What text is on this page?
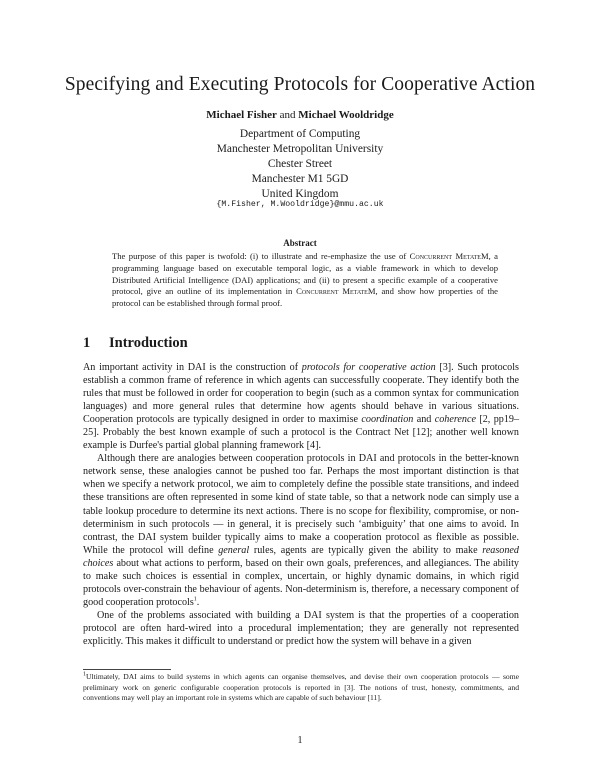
Specifying and Executing Protocols for Cooperative Action
Michael Fisher and Michael Wooldridge
Department of Computing
Manchester Metropolitan University
Chester Street
Manchester M1 5GD
United Kingdom
{M.Fisher, M.Wooldridge}@mmu.ac.uk
Abstract
The purpose of this paper is twofold: (i) to illustrate and re-emphasize the use of Concurrent MetateM, a programming language based on executable temporal logic, as a viable framework in which to develop Distributed Artificial Intelligence (DAI) applications; and (ii) to present a specific example of a cooperative protocol, give an outline of its implementation in Concurrent MetateM, and show how properties of the protocol can be established through formal proof.
1 Introduction

An important activity in DAI is the construction of protocols for cooperative action [3]. Such protocols establish a common frame of reference in which agents can successfully cooperate. They identify both the rules that must be followed in order for cooperation to begin (such as a common syntax for communication languages) and more general rules that determine how agents should behave in various situations. Cooperation protocols are typically designed in order to maximise coordination and coherence [2, pp19–25]. Probably the best known example of such a protocol is the Contract Net [12]; another well known example is Durfee's partial global planning framework [4].

Although there are analogies between cooperation protocols in DAI and protocols in the better-known network sense, these analogies cannot be pushed too far. Perhaps the most important distinction is that when we specify a network protocol, we aim to completely define the possible state transitions, and indeed these transitions are often represented in some kind of state table, so that a network node can simply use a table lookup procedure to determine its next actions. There is no scope for flexibility, compromise, or non-determinism in such protocols — in general, it is precisely such ‘ambiguity’ that one aims to avoid. In contrast, the DAI system builder typically aims to make a cooperation protocol as flexible as possible. While the protocol will define general rules, agents are typically given the ability to make reasoned choices about what actions to perform, based on their own goals, preferences, and allegiances. The ability to make such choices is essential in complex, uncertain, or highly dynamic domains, in which rigid protocols over-constrain the behaviour of agents. Non-determinism is, therefore, a necessary component of good cooperation protocols$^1$.

One of the problems associated with building a DAI system is that the properties of a cooperation protocol are often hard-wired into a procedural implementation; they are generally not represented explicitly. This makes it difficult to understand or predict how the system will behave in a given

$^1$Ultimately, DAI aims to build systems in which agents can organise themselves, and devise their own cooperation protocols — some preliminary work on generic configurable cooperation protocols is reported in [3]. The notions of trust, honesty, commitments, and conventions may well play an important role in systems which are capable of such behaviour [11].
1
